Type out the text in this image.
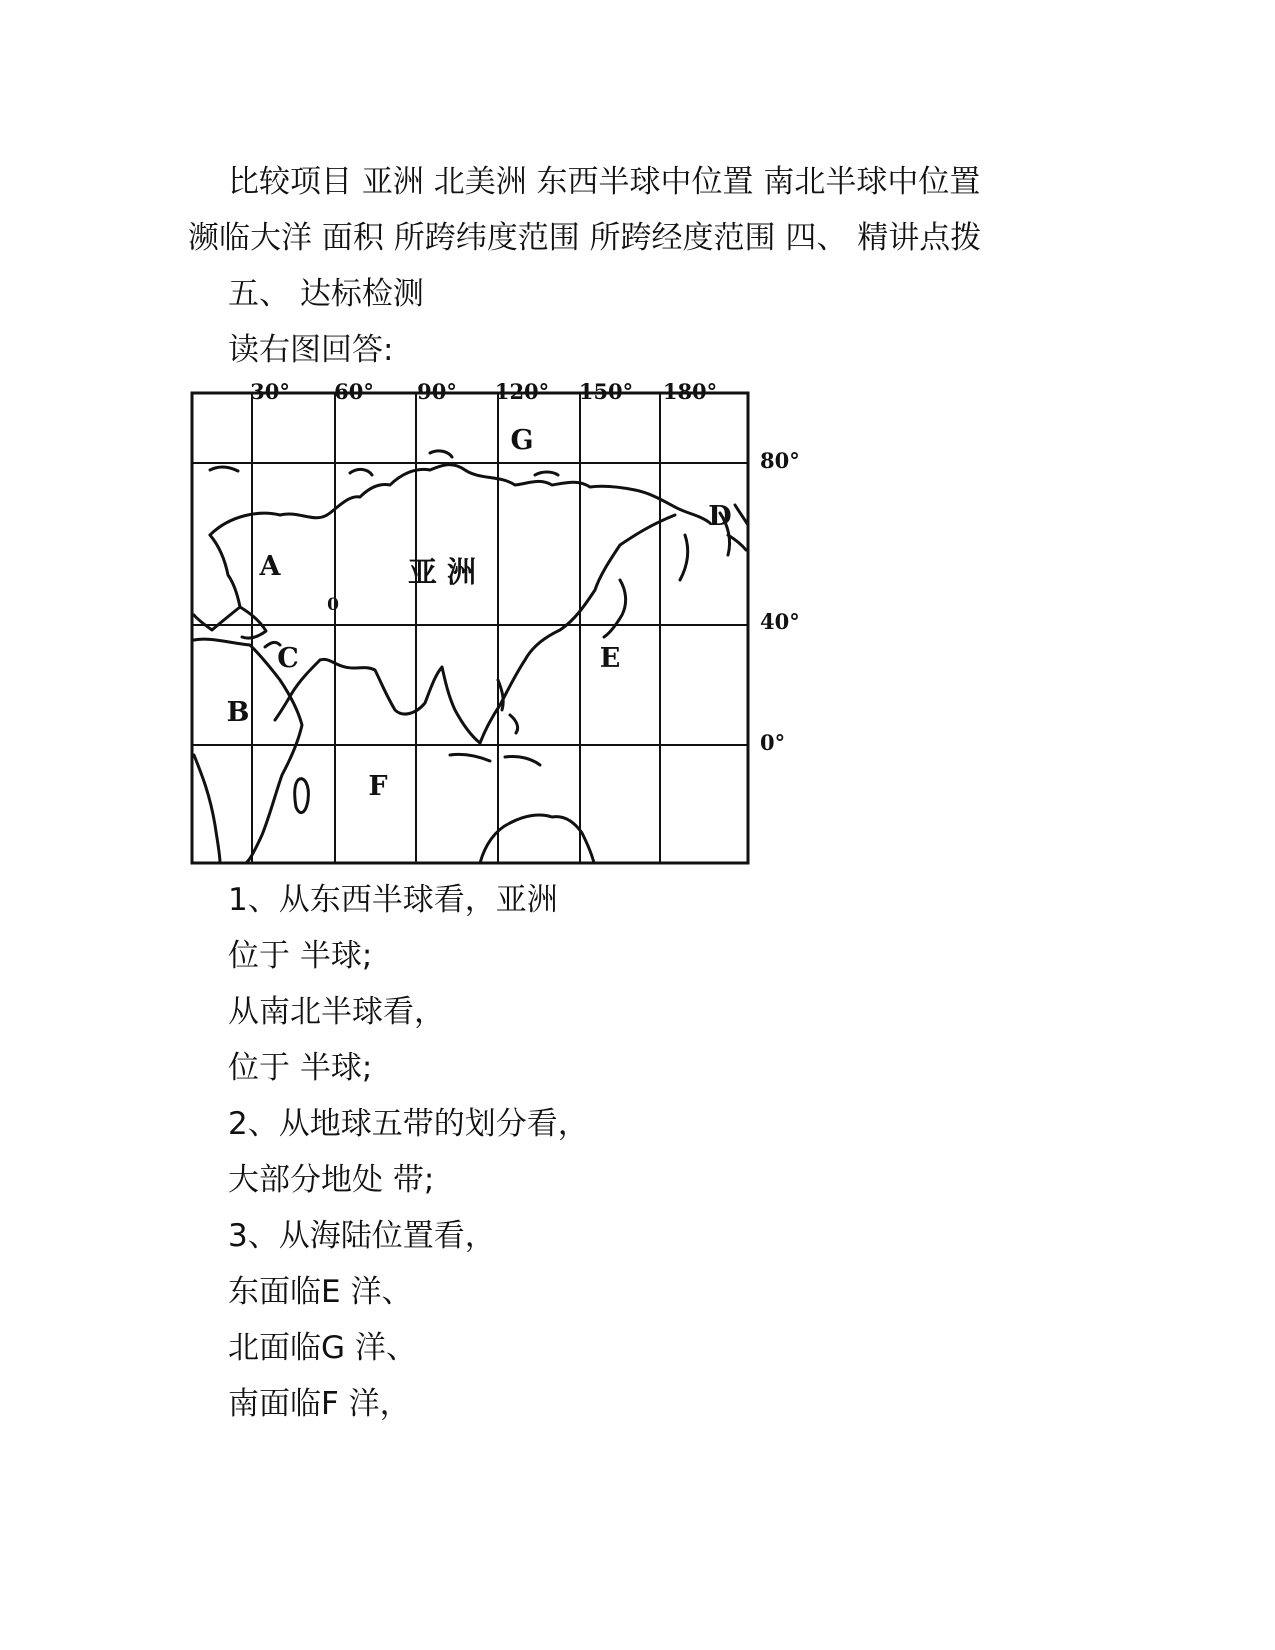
比较项目 亚洲 北美洲 东西半球中位置 南北半球中位置
濒临大洋 面积 所跨纬度范围 所跨经度范围 四、 精讲点拨
五、 达标检测
读右图回答:
30° 60° 90° 120° 150° 180°
80°
40°
0°
G
A
D
C
B
E
F
亚 洲
0
1、从东西半球看，亚洲
位于 半球;
从南北半球看，
位于 半球;
2、从地球五带的划分看，
大部分地处 带;
3、从海陆位置看，
东面临E 洋、
北面临G 洋、
南面临F 洋，
